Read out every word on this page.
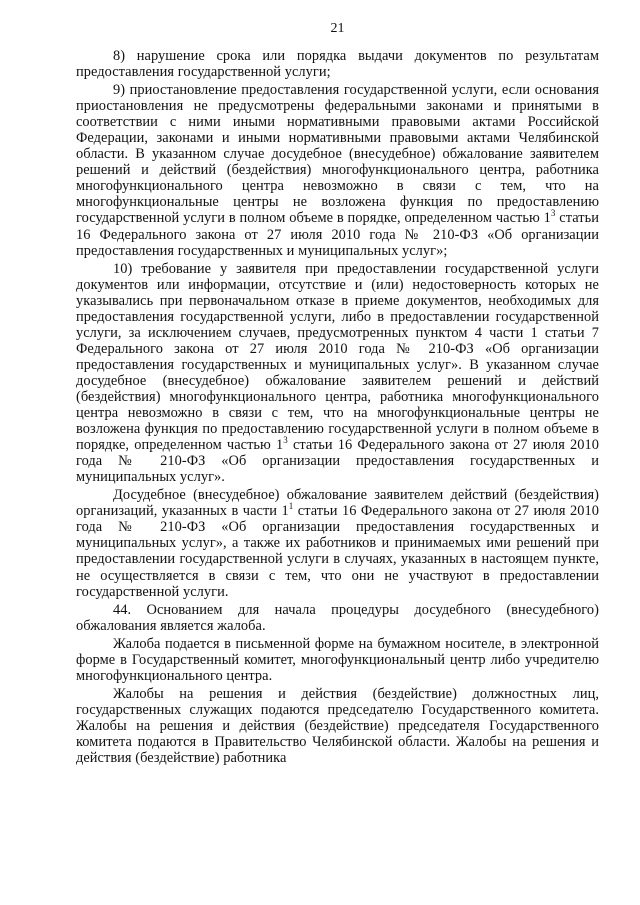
21

8) нарушение срока или порядка выдачи документов по результатам предоставления государственной услуги;

9) приостановление предоставления государственной услуги, если основания приостановления не предусмотрены федеральными законами и принятыми в соответствии с ними иными нормативными правовыми актами Российской Федерации, законами и иными нормативными правовыми актами Челябинской области. В указанном случае досудебное (внесудебное) обжалование заявителем решений и действий (бездействия) многофункционального центра, работника многофункционального центра невозможно в связи с тем, что на многофункциональные центры не возложена функция по предоставлению государственной услуги в полном объеме в порядке, определенном частью $1^3$ статьи 16 Федерального закона от 27 июля 2010 года № 210-ФЗ «Об организации предоставления государственных и муниципальных услуг»;

10) требование у заявителя при предоставлении государственной услуги документов или информации, отсутствие и (или) недостоверность которых не указывались при первоначальном отказе в приеме документов, необходимых для предоставления государственной услуги, либо в предоставлении государственной услуги, за исключением случаев, предусмотренных пунктом 4 части 1 статьи 7 Федерального закона от 27 июля 2010 года № 210-ФЗ «Об организации предоставления государственных и муниципальных услуг». В указанном случае досудебное (внесудебное) обжалование заявителем решений и действий (бездействия) многофункционального центра, работника многофункционального центра невозможно в связи с тем, что на многофункциональные центры не возложена функция по предоставлению государственной услуги в полном объеме в порядке, определенном частью $1^3$ статьи 16 Федерального закона от 27 июля 2010 года № 210-ФЗ «Об организации предоставления государственных и муниципальных услуг».

Досудебное (внесудебное) обжалование заявителем действий (бездействия) организаций, указанных в части $1^1$ статьи 16 Федерального закона от 27 июля 2010 года № 210-ФЗ «Об организации предоставления государственных и муниципальных услуг», а также их работников и принимаемых ими решений при предоставлении государственной услуги в случаях, указанных в настоящем пункте, не осуществляется в связи с тем, что они не участвуют в предоставлении государственной услуги.

44. Основанием для начала процедуры досудебного (внесудебного) обжалования является жалоба.

Жалоба подается в письменной форме на бумажном носителе, в электронной форме в Государственный комитет, многофункциональный центр либо учредителю многофункционального центра.

Жалобы на решения и действия (бездействие) должностных лиц, государственных служащих подаются председателю Государственного комитета. Жалобы на решения и действия (бездействие) председателя Государственного комитета подаются в Правительство Челябинской области. Жалобы на решения и действия (бездействие) работника
